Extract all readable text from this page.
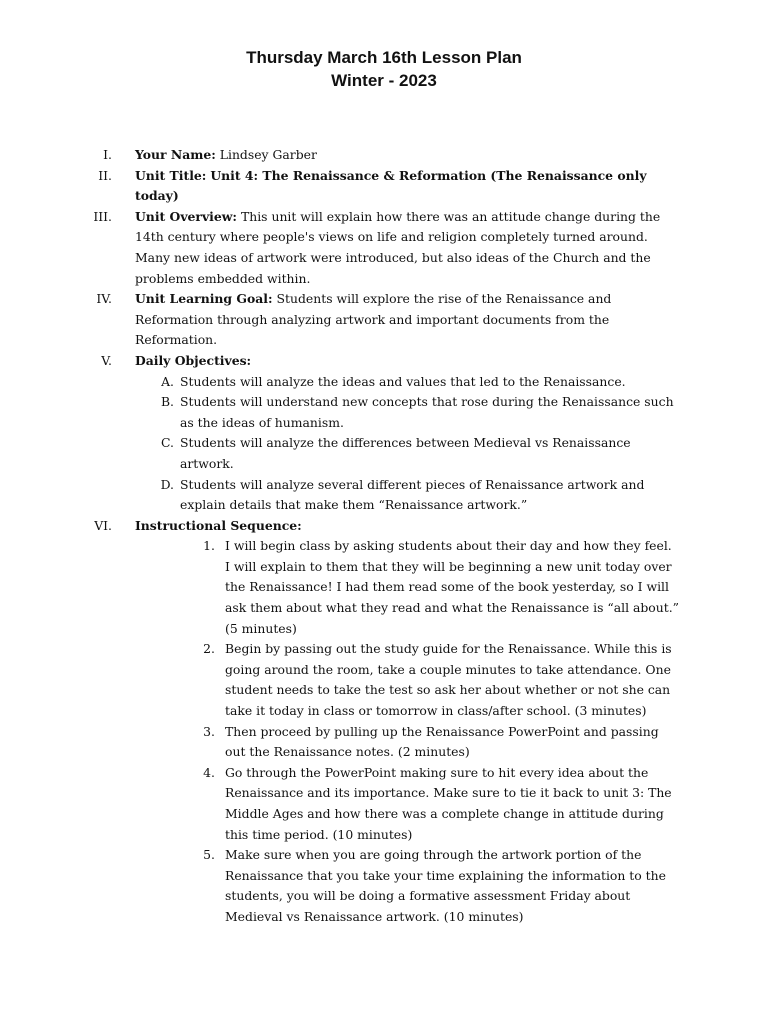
Thursday March 16th Lesson Plan
Winter - 2023
I. Your Name: Lindsey Garber
II. Unit Title: Unit 4: The Renaissance & Reformation (The Renaissance only today)
III. Unit Overview: This unit will explain how there was an attitude change during the 14th century where people's views on life and religion completely turned around. Many new ideas of artwork were introduced, but also ideas of the Church and the problems embedded within.
IV. Unit Learning Goal: Students will explore the rise of the Renaissance and Reformation through analyzing artwork and important documents from the Reformation.
V. Daily Objectives:
A. Students will analyze the ideas and values that led to the Renaissance.
B. Students will understand new concepts that rose during the Renaissance such as the ideas of humanism.
C. Students will analyze the differences between Medieval vs Renaissance artwork.
D. Students will analyze several different pieces of Renaissance artwork and explain details that make them “Renaissance artwork.”
VI. Instructional Sequence:
1. I will begin class by asking students about their day and how they feel. I will explain to them that they will be beginning a new unit today over the Renaissance! I had them read some of the book yesterday, so I will ask them about what they read and what the Renaissance is “all about.” (5 minutes)
2. Begin by passing out the study guide for the Renaissance. While this is going around the room, take a couple minutes to take attendance. One student needs to take the test so ask her about whether or not she can take it today in class or tomorrow in class/after school. (3 minutes)
3. Then proceed by pulling up the Renaissance PowerPoint and passing out the Renaissance notes. (2 minutes)
4. Go through the PowerPoint making sure to hit every idea about the Renaissance and its importance. Make sure to tie it back to unit 3: The Middle Ages and how there was a complete change in attitude during this time period. (10 minutes)
5. Make sure when you are going through the artwork portion of the Renaissance that you take your time explaining the information to the students, you will be doing a formative assessment Friday about Medieval vs Renaissance artwork. (10 minutes)
